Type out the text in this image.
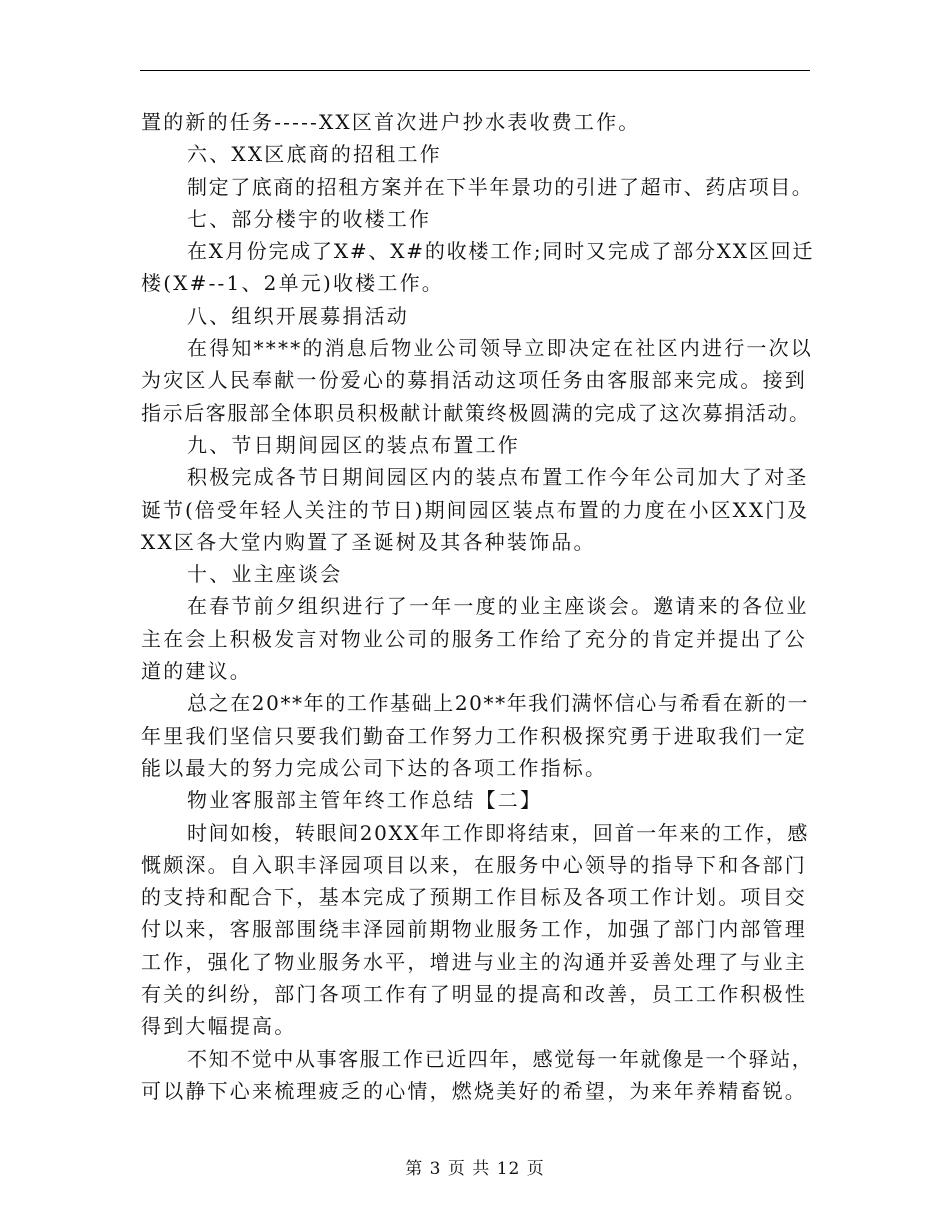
置的新的任务-----XX区首次进户抄水表收费工作。
六、XX区底商的招租工作
制定了底商的招租方案并在下半年景功的引进了超市、药店项目。
七、部分楼宇的收楼工作
在X月份完成了X#、X#的收楼工作;同时又完成了部分XX区回迁
楼(X#--1、2单元)收楼工作。
八、组织开展募捐活动
在得知****的消息后物业公司领导立即决定在社区内进行一次以
为灾区人民奉献一份爱心的募捐活动这项任务由客服部来完成。接到
指示后客服部全体职员积极献计献策终极圆满的完成了这次募捐活动。
九、节日期间园区的装点布置工作
积极完成各节日期间园区内的装点布置工作今年公司加大了对圣
诞节(倍受年轻人关注的节日)期间园区装点布置的力度在小区XX门及
XX区各大堂内购置了圣诞树及其各种装饰品。
十、业主座谈会
在春节前夕组织进行了一年一度的业主座谈会。邀请来的各位业
主在会上积极发言对物业公司的服务工作给了充分的肯定并提出了公
道的建议。
总之在20**年的工作基础上20**年我们满怀信心与希看在新的一
年里我们坚信只要我们勤奋工作努力工作积极探究勇于进取我们一定
能以最大的努力完成公司下达的各项工作指标。
物业客服部主管年终工作总结【二】
时间如梭，转眼间20XX年工作即将结束，回首一年来的工作，感
慨颇深。自入职丰泽园项目以来，在服务中心领导的指导下和各部门
的支持和配合下，基本完成了预期工作目标及各项工作计划。项目交
付以来，客服部围绕丰泽园前期物业服务工作，加强了部门内部管理
工作，强化了物业服务水平，增进与业主的沟通并妥善处理了与业主
有关的纠纷，部门各项工作有了明显的提高和改善，员工工作积极性
得到大幅提高。
不知不觉中从事客服工作已近四年，感觉每一年就像是一个驿站，
可以静下心来梳理疲乏的心情，燃烧美好的希望，为来年养精畜锐。
第 3 页 共 12 页
